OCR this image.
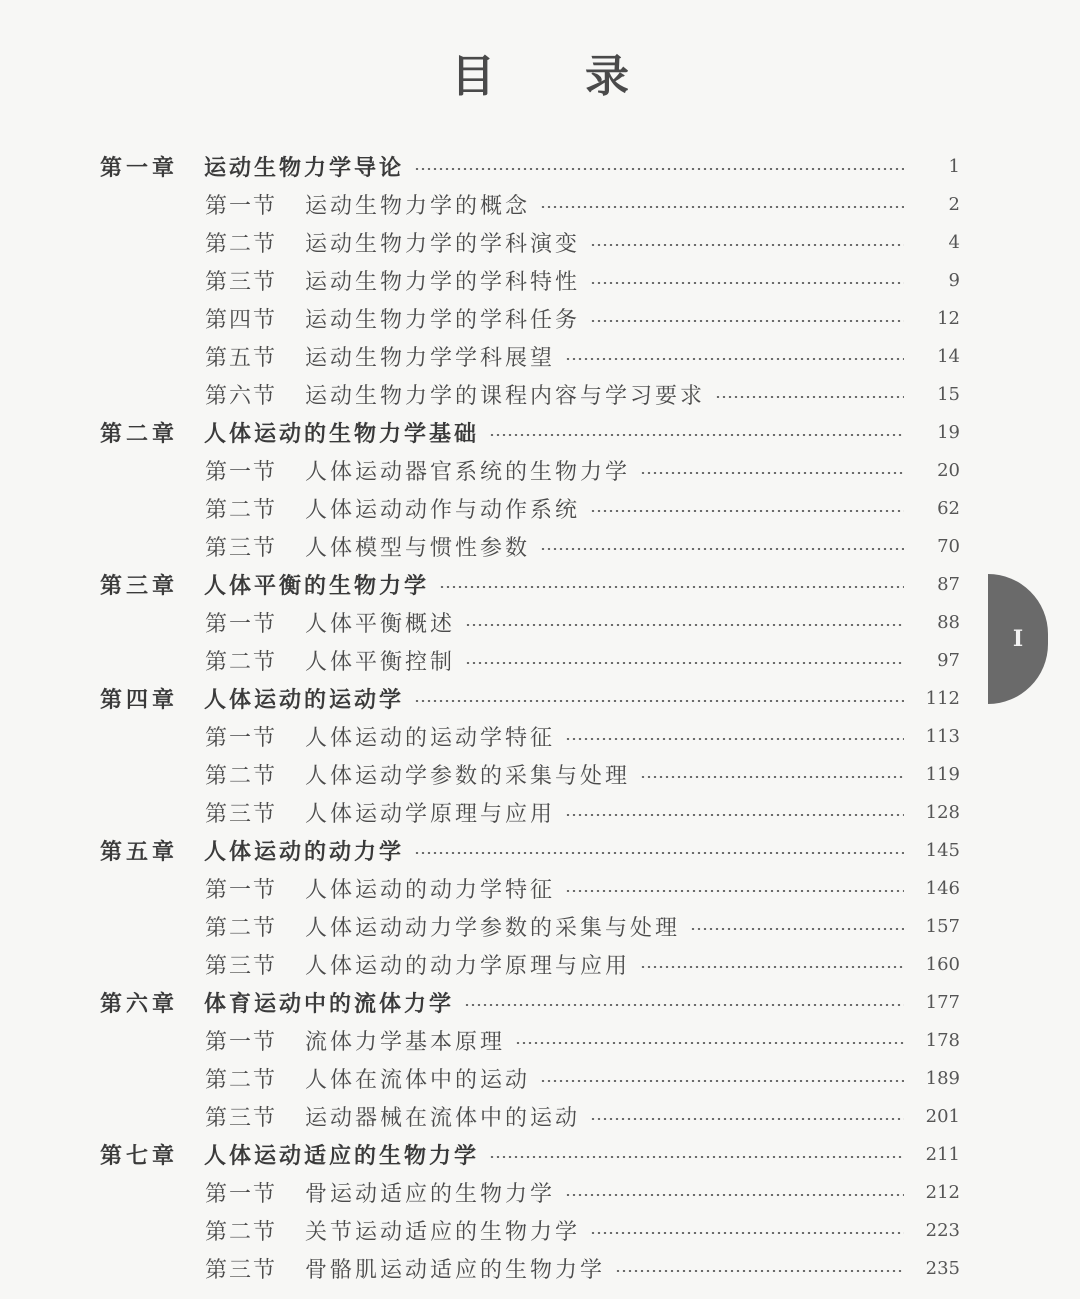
目录
第一章	运动生物力学导论	1
第一节	运动生物力学的概念	2
第二节	运动生物力学的学科演变	4
第三节	运动生物力学的学科特性	9
第四节	运动生物力学的学科任务	12
第五节	运动生物力学学科展望	14
第六节	运动生物力学的课程内容与学习要求	15
第二章	人体运动的生物力学基础	19
第一节	人体运动器官系统的生物力学	20
第二节	人体运动动作与动作系统	62
第三节	人体模型与惯性参数	70
第三章	人体平衡的生物力学	87
第一节	人体平衡概述	88
第二节	人体平衡控制	97
第四章	人体运动的运动学	112
第一节	人体运动的运动学特征	113
第二节	人体运动学参数的采集与处理	119
第三节	人体运动学原理与应用	128
第五章	人体运动的动力学	145
第一节	人体运动的动力学特征	146
第二节	人体运动动力学参数的采集与处理	157
第三节	人体运动的动力学原理与应用	160
第六章	体育运动中的流体力学	177
第一节	流体力学基本原理	178
第二节	人体在流体中的运动	189
第三节	运动器械在流体中的运动	201
第七章	人体运动适应的生物力学	211
第一节	骨运动适应的生物力学	212
第二节	关节运动适应的生物力学	223
第三节	骨骼肌运动适应的生物力学	235
I
